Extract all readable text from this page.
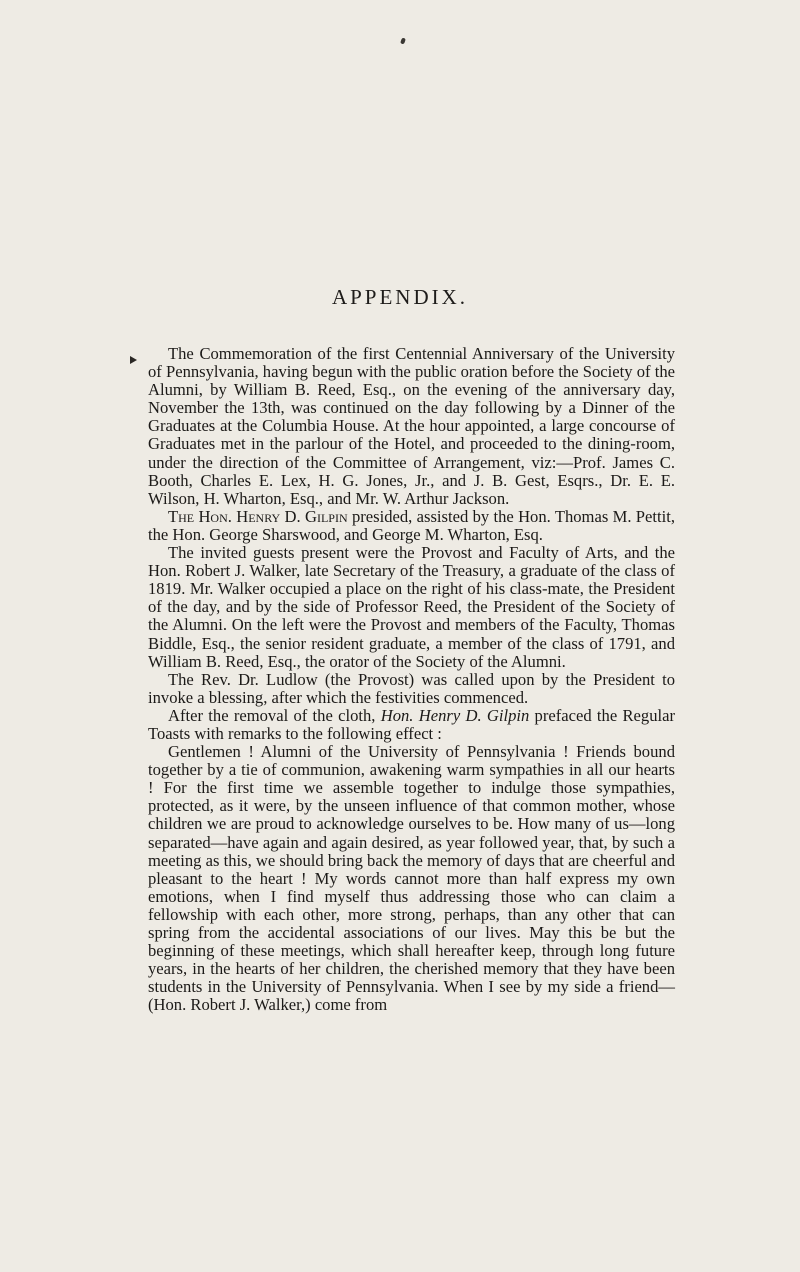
APPENDIX.

The Commemoration of the first Centennial Anniversary of the University of Pennsylvania, having begun with the public oration before the Society of the Alumni, by William B. Reed, Esq., on the evening of the anniversary day, November the 13th, was continued on the day following by a Dinner of the Graduates at the Columbia House. At the hour appointed, a large concourse of Graduates met in the parlour of the Hotel, and proceeded to the dining-room, under the direction of the Committee of Arrangement, viz:—Prof. James C. Booth, Charles E. Lex, H. G. Jones, Jr., and J. B. Gest, Esqrs., Dr. E. E. Wilson, H. Wharton, Esq., and Mr. W. Arthur Jackson.

The Hon. Henry D. Gilpin presided, assisted by the Hon. Thomas M. Pettit, the Hon. George Sharswood, and George M. Wharton, Esq.

The invited guests present were the Provost and Faculty of Arts, and the Hon. Robert J. Walker, late Secretary of the Treasury, a graduate of the class of 1819. Mr. Walker occupied a place on the right of his class-mate, the President of the day, and by the side of Professor Reed, the President of the Society of the Alumni. On the left were the Provost and members of the Faculty, Thomas Biddle, Esq., the senior resident graduate, a member of the class of 1791, and William B. Reed, Esq., the orator of the Society of the Alumni.

The Rev. Dr. Ludlow (the Provost) was called upon by the President to invoke a blessing, after which the festivities commenced.

After the removal of the cloth, Hon. Henry D. Gilpin prefaced the Regular Toasts with remarks to the following effect :

Gentlemen ! Alumni of the University of Pennsylvania ! Friends bound together by a tie of communion, awakening warm sympathies in all our hearts ! For the first time we assemble together to indulge those sympathies, protected, as it were, by the unseen influence of that common mother, whose children we are proud to acknowledge ourselves to be. How many of us—long separated—have again and again desired, as year followed year, that, by such a meeting as this, we should bring back the memory of days that are cheerful and pleasant to the heart ! My words cannot more than half express my own emotions, when I find myself thus addressing those who can claim a fellowship with each other, more strong, perhaps, than any other that can spring from the accidental associations of our lives. May this be but the beginning of these meetings, which shall hereafter keep, through long future years, in the hearts of her children, the cherished memory that they have been students in the University of Pennsylvania. When I see by my side a friend—(Hon. Robert J. Walker,) come from
